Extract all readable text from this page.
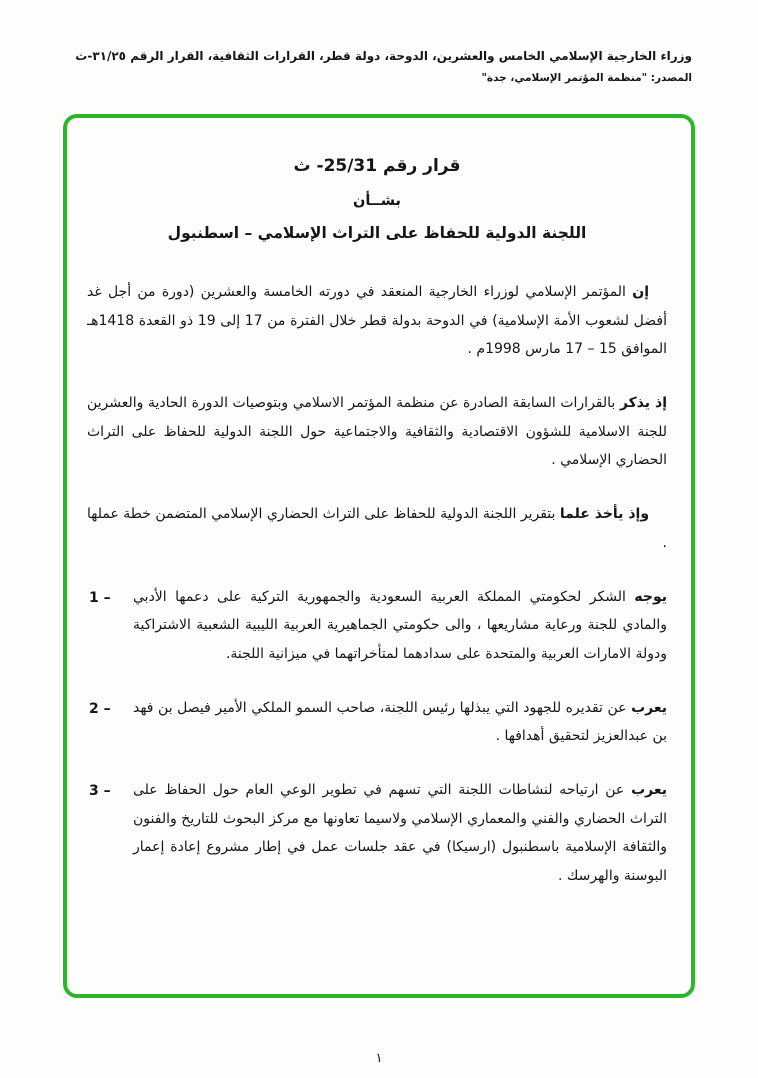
وزراء الخارجية الإسلامي الخامس والعشرين، الدوحة، دولة قطر، القرارات الثقافية، القرار الرقم ٣١/٢٥-ث
المصدر: "منظمة المؤتمر الإسلامي، جدة"
قرار رقم 25/31- ث
بشــأن
اللجنة الدولية للحفاظ على التراث الإسلامي – اسطنبول

إن المؤتمر الإسلامي لوزراء الخارجية المنعقد في دورته الخامسة والعشرين (دورة من أجل غد أفضل لشعوب الأمة الإسلامية) في الدوحة بدولة قطر خلال الفترة من 17 إلى 19 ذو القعدة 1418هـ الموافق 15 – 17 مارس 1998م .

إذ يذكر بالقرارات السابقة الصادرة عن منظمة المؤتمر الاسلامي وبتوصيات الدورة الحادية والعشرين للجنة الاسلامية للشؤون الاقتصادية والثقافية والاجتماعية حول اللجنة الدولية للحفاظ على التراث الحضاري الإسلامي .

وإذ يأخذ علما بتقرير اللجنة الدولية للحفاظ على التراث الحضاري الإسلامي المتضمن خطة عملها .

1 –	يوجه الشكر لحكومتي المملكة العربية السعودية والجمهورية التركية على دعمها الأدبي والمادي للجنة ورعاية مشاريعها ، والى حكومتي الجماهيرية العربية الليبية الشعبية الاشتراكية ودولة الامارات العربية والمتحدة على سدادهما لمتأخراتهما في ميزانية اللجنة.
2 –	يعرب عن تقديره للجهود التي يبذلها رئيس اللجنة، صاحب السمو الملكي الأمير فيصل بن فهد بن عبدالعزيز لتحقيق أهدافها .
3 –	يعرب عن ارتياحه لنشاطات اللجنة التي تسهم في تطوير الوعي العام حول الحفاظ على التراث الحضاري والفني والمعماري الإسلامي ولاسيما تعاونها مع مركز البحوث للتاريخ والفنون والثقافة الإسلامية باسطنبول (ارسيكا) في عقد جلسات عمل في إطار مشروع إعادة إعمار البوسنة والهرسك .
١
